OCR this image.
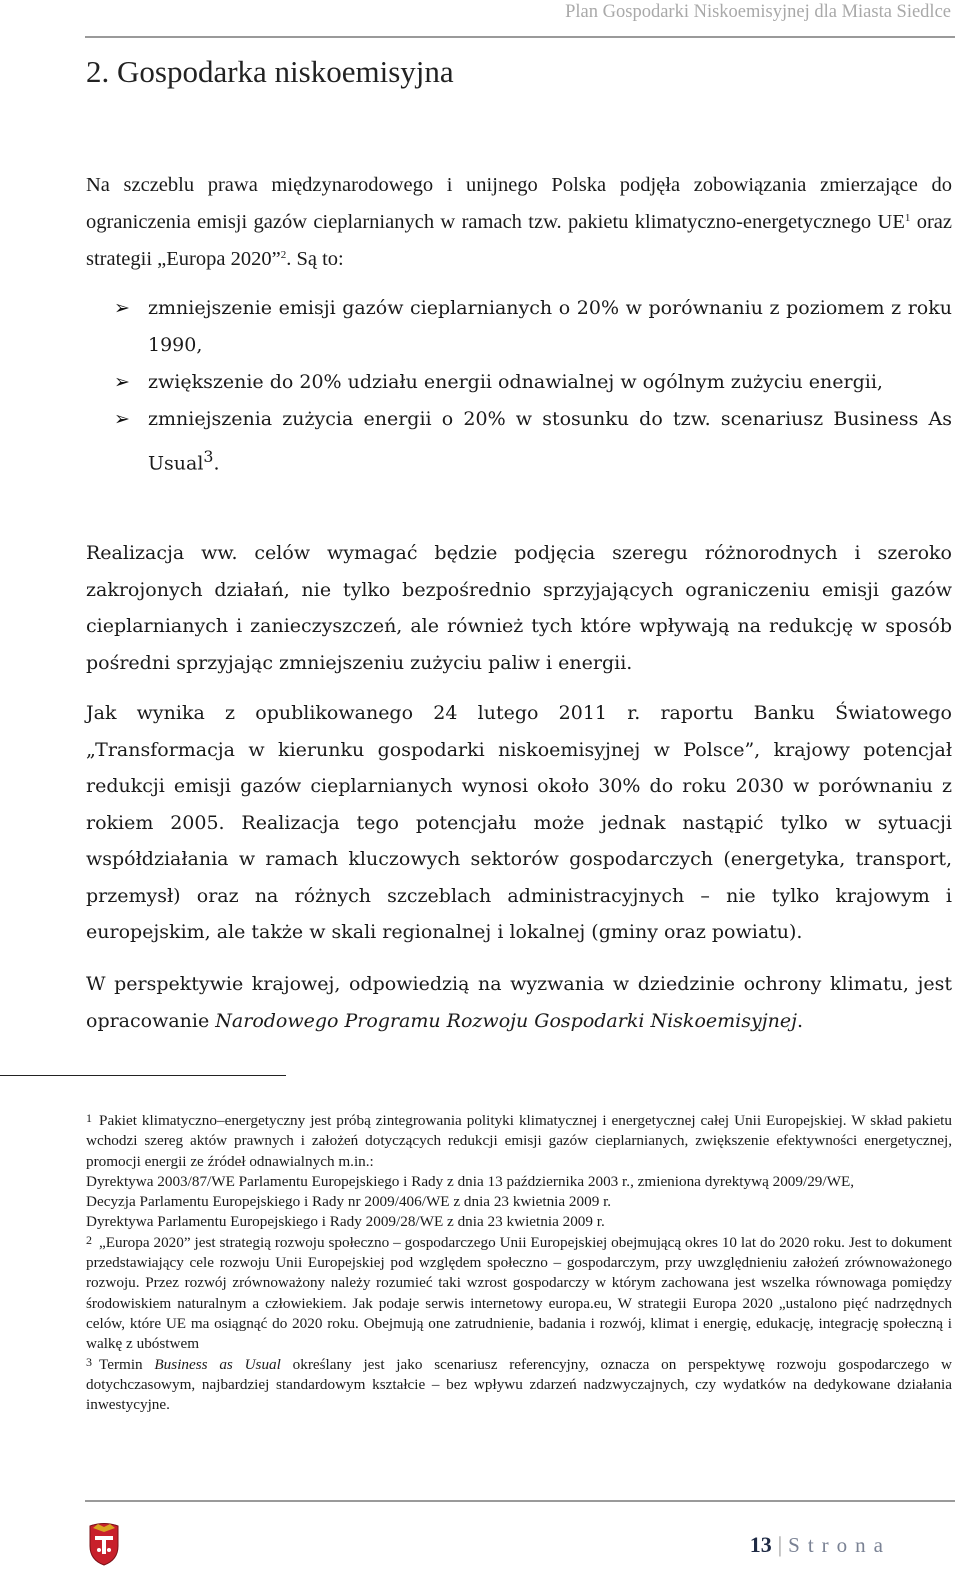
Plan Gospodarki Niskoemisyjnej dla Miasta Siedlce
2. Gospodarka niskoemisyjna

Na szczeblu prawa międzynarodowego i unijnego Polska podjęła zobowiązania zmierzające do ograniczenia emisji gazów cieplarnianych w ramach tzw. pakietu klimatyczno-energetycznego $UE^1$ oraz strategii „Europa 2020”$^2$. Są to:

➢ zmniejszenie emisji gazów cieplarnianych o 20% w porównaniu z poziomem z roku 1990,
➢ zwiększenie do 20% udziału energii odnawialnej w ogólnym zużyciu energii,
➢ zmniejszenia zużycia energii o 20% w stosunku do tzw. scenariusz Business As Usual$^3$.

Realizacja ww. celów wymagać będzie podjęcia szeregu różnorodnych i szeroko zakrojonych działań, nie tylko bezpośrednio sprzyjających ograniczeniu emisji gazów cieplarnianych i zanieczyszczeń, ale również tych które wpływają na redukcję w sposób pośredni sprzyjając zmniejszeniu zużyciu paliw i energii.

Jak wynika z opublikowanego 24 lutego 2011 r. raportu Banku Światowego „Transformacja w kierunku gospodarki niskoemisyjnej w Polsce”, krajowy potencjał redukcji emisji gazów cieplarnianych wynosi około 30% do roku 2030 w porównaniu z rokiem 2005. Realizacja tego potencjału może jednak nastąpić tylko w sytuacji współdziałania w ramach kluczowych sektorów gospodarczych (energetyka, transport, przemysł) oraz na różnych szczeblach administracyjnych – nie tylko krajowym i europejskim, ale także w skali regionalnej i lokalnej (gminy oraz powiatu).

W perspektywie krajowej, odpowiedzią na wyzwania w dziedzinie ochrony klimatu, jest opracowanie Narodowego Programu Rozwoju Gospodarki Niskoemisyjnej.

1 Pakiet klimatyczno–energetyczny jest próbą zintegrowania polityki klimatycznej i energetycznej całej Unii Europejskiej. W skład pakietu wchodzi szereg aktów prawnych i założeń dotyczących redukcji emisji gazów cieplarnianych, zwiększenie efektywności energetycznej, promocji energii ze źródeł odnawialnych m.in.:

Dyrektywa 2003/87/WE Parlamentu Europejskiego i Rady z dnia 13 października 2003 r., zmieniona dyrektywą 2009/29/WE,

Decyzja Parlamentu Europejskiego i Rady nr 2009/406/WE z dnia 23 kwietnia 2009 r.

Dyrektywa Parlamentu Europejskiego i Rady 2009/28/WE z dnia 23 kwietnia 2009 r.

2 „Europa 2020” jest strategią rozwoju społeczno – gospodarczego Unii Europejskiej obejmującą okres 10 lat do 2020 roku. Jest to dokument przedstawiający cele rozwoju Unii Europejskiej pod względem społeczno – gospodarczym, przy uwzględnieniu założeń zrównoważonego rozwoju. Przez rozwój zrównoważony należy rozumieć taki wzrost gospodarczy w którym zachowana jest wszelka równowaga pomiędzy środowiskiem naturalnym a człowiekiem. Jak podaje serwis internetowy europa.eu, W strategii Europa 2020 „ustalono pięć nadrzędnych celów, które UE ma osiągnąć do 2020 roku. Obejmują one zatrudnienie, badania i rozwój, klimat i energię, edukację, integrację społeczną i walkę z ubóstwem

3 Termin Business as Usual określany jest jako scenariusz referencyjny, oznacza on perspektywę rozwoju gospodarczego w dotychczasowym, najbardziej standardowym kształcie – bez wpływu zdarzeń nadzwyczajnych, czy wydatków na dedykowane działania inwestycyjne.

13 | Strona
